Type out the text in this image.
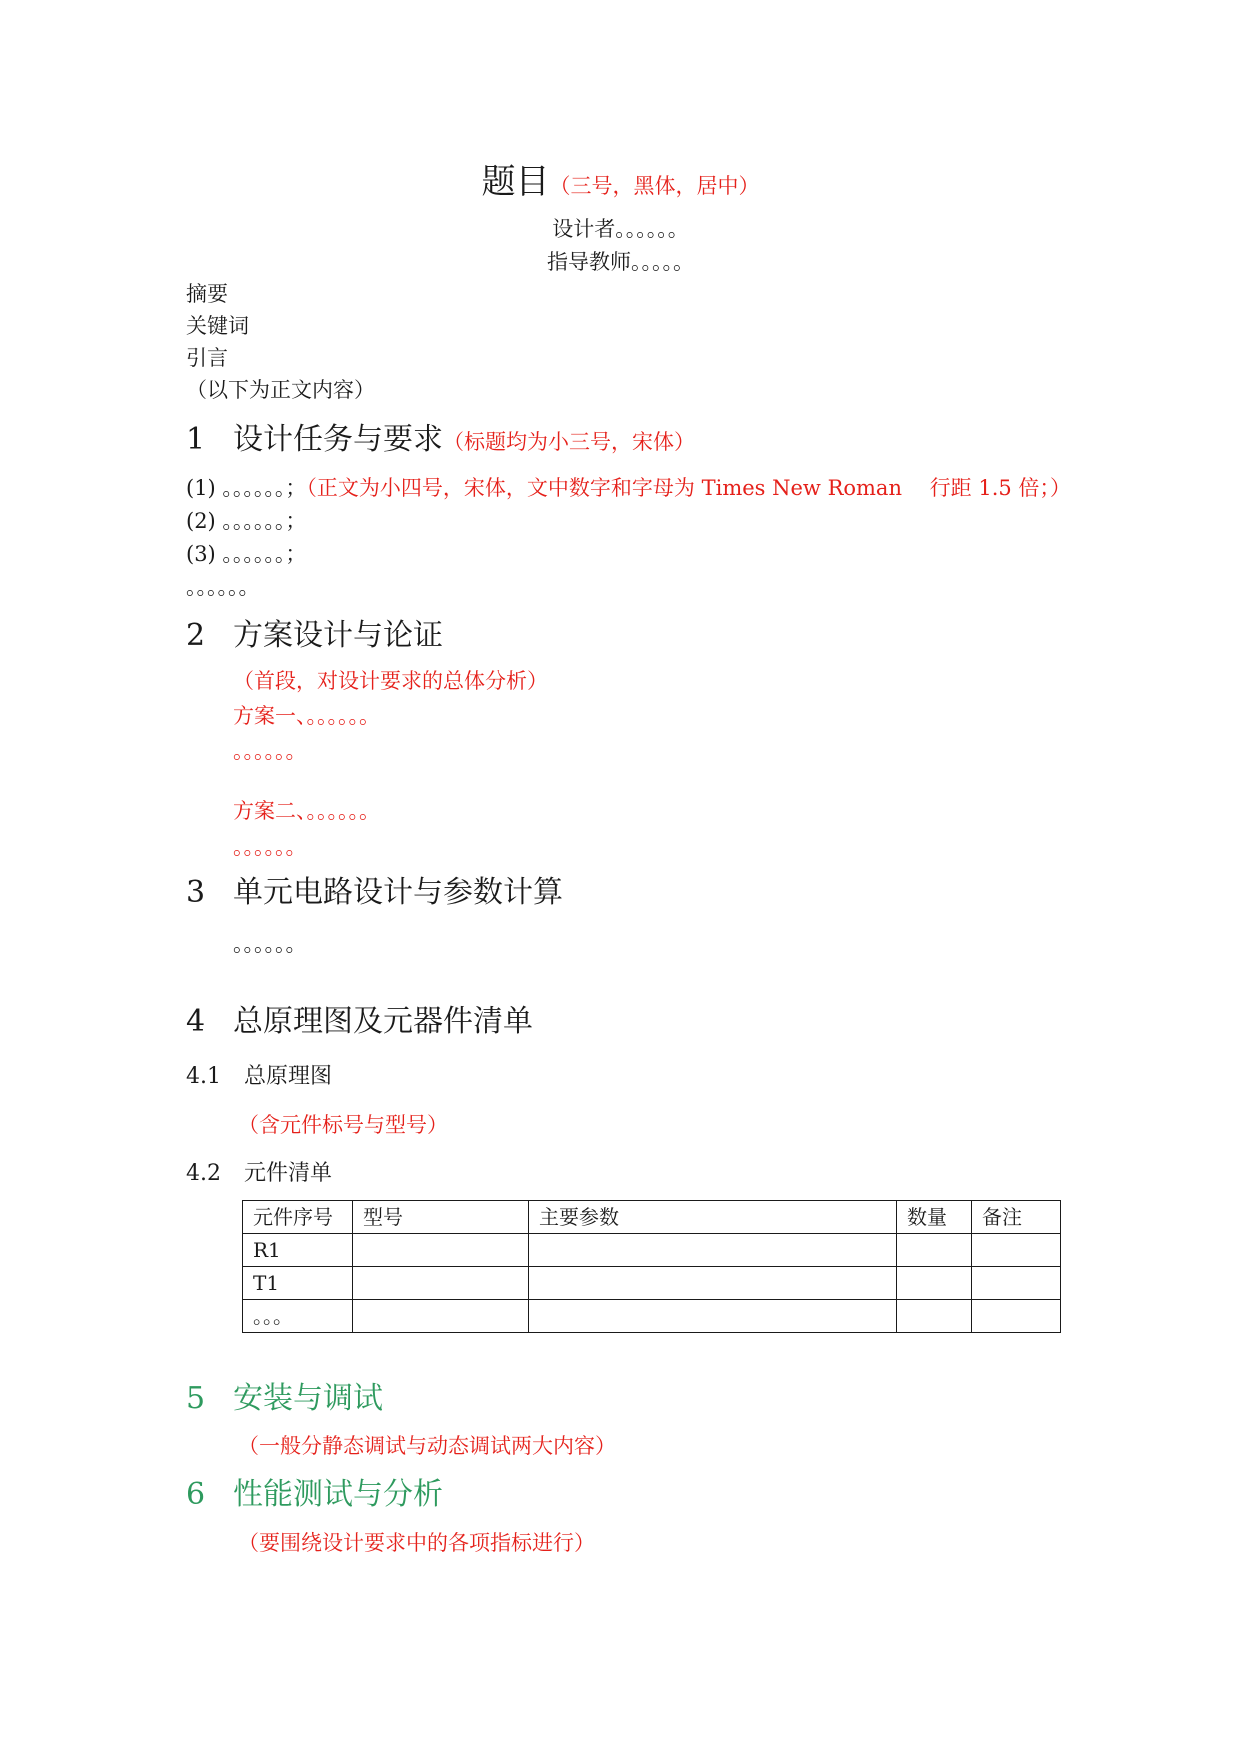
题目（三号，黑体，居中）
设计者。。。。。。
指导教师。。。。。
摘要
关键词
引言
（以下为正文内容）
1 设计任务与要求（标题均为小三号，宋体）
(1) 。。。。。。；（正文为小四号，宋体，文中数字和字母为 Times New Roman　 行距 1.5 倍；）
(2) 。。。。。。；
(3) 。。。。。。；
。。。。。。
2 方案设计与论证
（首段，对设计要求的总体分析）
方案一、。。。。。。
。。。。。。
方案二、。。。。。。
。。。。。。
3 单元电路设计与参数计算
。。。。。。
4 总原理图及元器件清单
4.1 总原理图
（含元件标号与型号）
4.2 元件清单
元件序号	型号	主要参数	数量	备注
R1				
T1				
。。。				
5 安装与调试
（一般分静态调试与动态调试两大内容）
6 性能测试与分析
（要围绕设计要求中的各项指标进行）
